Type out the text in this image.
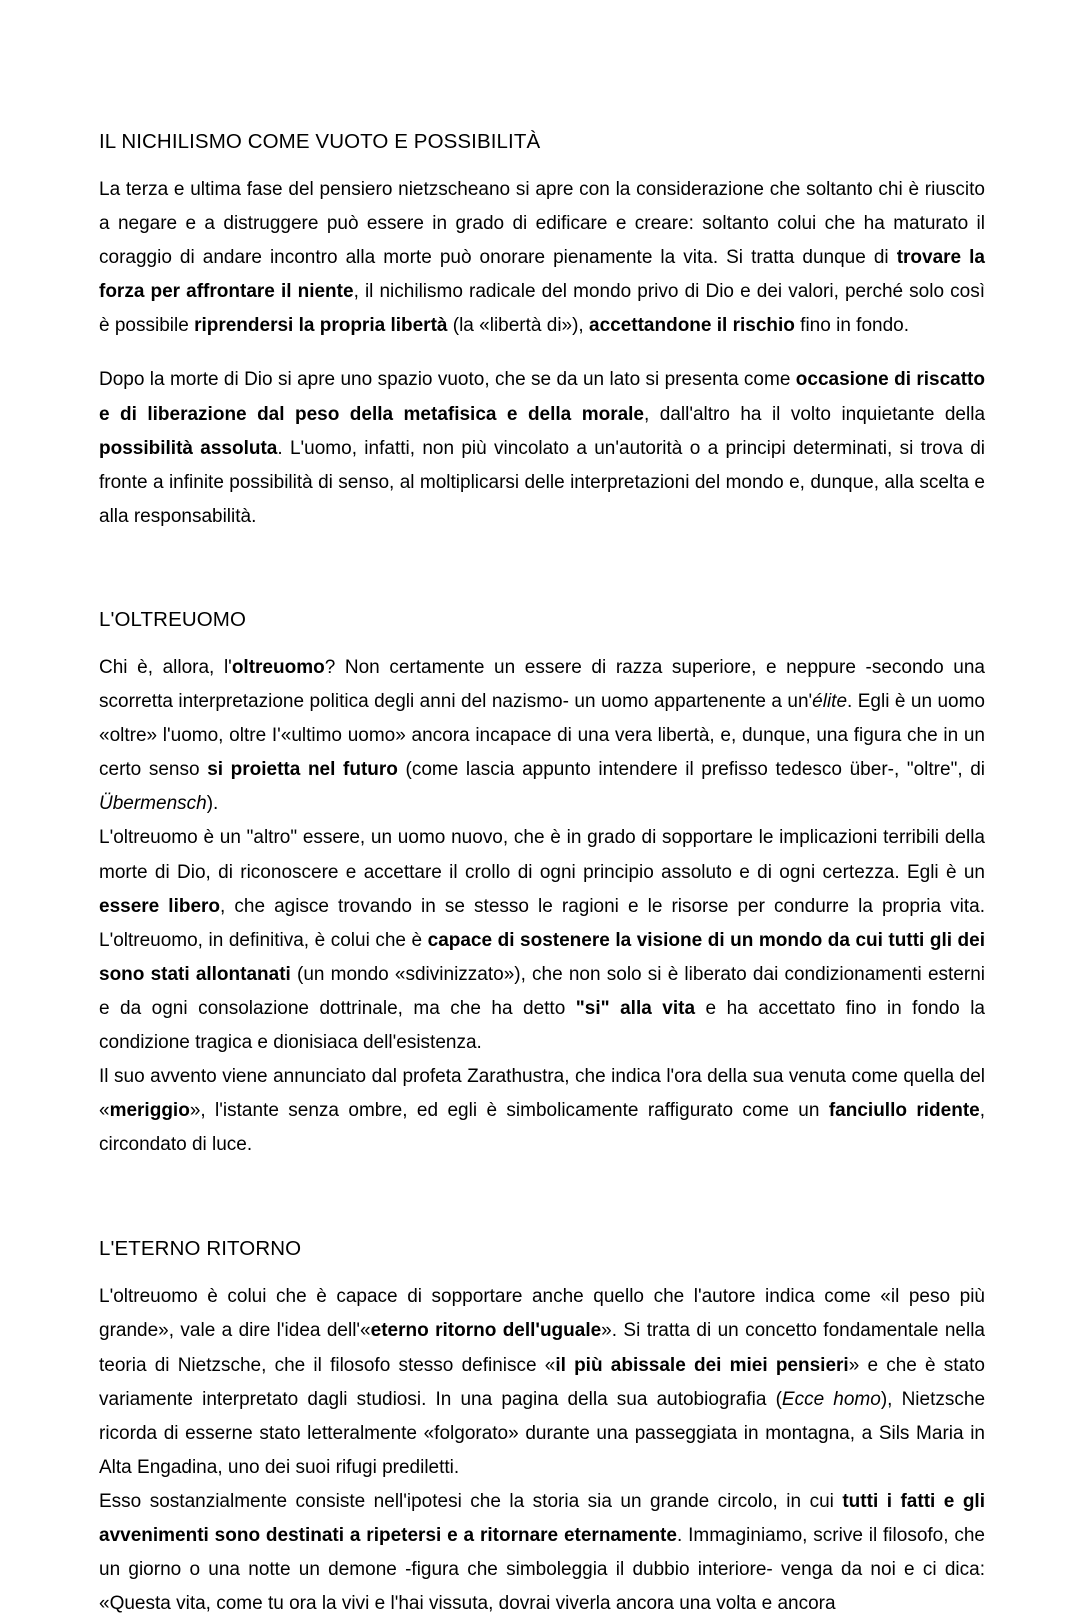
IL NICHILISMO COME VUOTO E POSSIBILITÀ

La terza e ultima fase del pensiero nietzscheano si apre con la considerazione che soltanto chi è riuscito a negare e a distruggere può essere in grado di edificare e creare: soltanto colui che ha maturato il coraggio di andare incontro alla morte può onorare pienamente la vita. Si tratta dunque di trovare la forza per affrontare il niente, il nichilismo radicale del mondo privo di Dio e dei valori, perché solo così è possibile riprendersi la propria libertà (la «libertà di»), accettandone il rischio fino in fondo.

Dopo la morte di Dio si apre uno spazio vuoto, che se da un lato si presenta come occasione di riscatto e di liberazione dal peso della metafisica e della morale, dall'altro ha il volto inquietante della possibilità assoluta. L'uomo, infatti, non più vincolato a un'autorità o a principi determinati, si trova di fronte a infinite possibilità di senso, al moltiplicarsi delle interpretazioni del mondo e, dunque, alla scelta e alla responsabilità.

L'OLTREUOMO

Chi è, allora, l'oltreuomo? Non certamente un essere di razza superiore, e neppure -secondo una scorretta interpretazione politica degli anni del nazismo- un uomo appartenente a un'élite. Egli è un uomo «oltre» l'uomo, oltre I'«ultimo uomo» ancora incapace di una vera libertà, e, dunque, una figura che in un certo senso si proietta nel futuro (come lascia appunto intendere il prefisso tedesco über-, "oltre", di Übermensch).

L'oltreuomo è un "altro" essere, un uomo nuovo, che è in grado di sopportare le implicazioni terribili della morte di Dio, di riconoscere e accettare il crollo di ogni principio assoluto e di ogni certezza. Egli è un essere libero, che agisce trovando in se stesso le ragioni e le risorse per condurre la propria vita. L'oltreuomo, in definitiva, è colui che è capace di sostenere la visione di un mondo da cui tutti gli dei sono stati allontanati (un mondo «sdivinizzato»), che non solo si è liberato dai condizionamenti esterni e da ogni consolazione dottrinale, ma che ha detto "si" alla vita e ha accettato fino in fondo la condizione tragica e dionisiaca dell'esistenza.

Il suo avvento viene annunciato dal profeta Zarathustra, che indica l'ora della sua venuta come quella del «meriggio», l'istante senza ombre, ed egli è simbolicamente raffigurato come un fanciullo ridente, circondato di luce.

L'ETERNO RITORNO

L'oltreuomo è colui che è capace di sopportare anche quello che l'autore indica come «il peso più grande», vale a dire l'idea dell'«eterno ritorno dell'uguale». Si tratta di un concetto fondamentale nella teoria di Nietzsche, che il filosofo stesso definisce «il più abissale dei miei pensieri» e che è stato variamente interpretato dagli studiosi. In una pagina della sua autobiografia (Ecce homo), Nietzsche ricorda di esserne stato letteralmente «folgorato» durante una passeggiata in montagna, a Sils Maria in Alta Engadina, uno dei suoi rifugi prediletti.

Esso sostanzialmente consiste nell'ipotesi che la storia sia un grande circolo, in cui tutti i fatti e gli avvenimenti sono destinati a ripetersi e a ritornare eternamente. Immaginiamo, scrive il filosofo, che un giorno o una notte un demone -figura che simboleggia il dubbio interiore- venga da noi e ci dica: «Questa vita, come tu ora la vivi e l'hai vissuta, dovrai viverla ancora una volta e ancora
